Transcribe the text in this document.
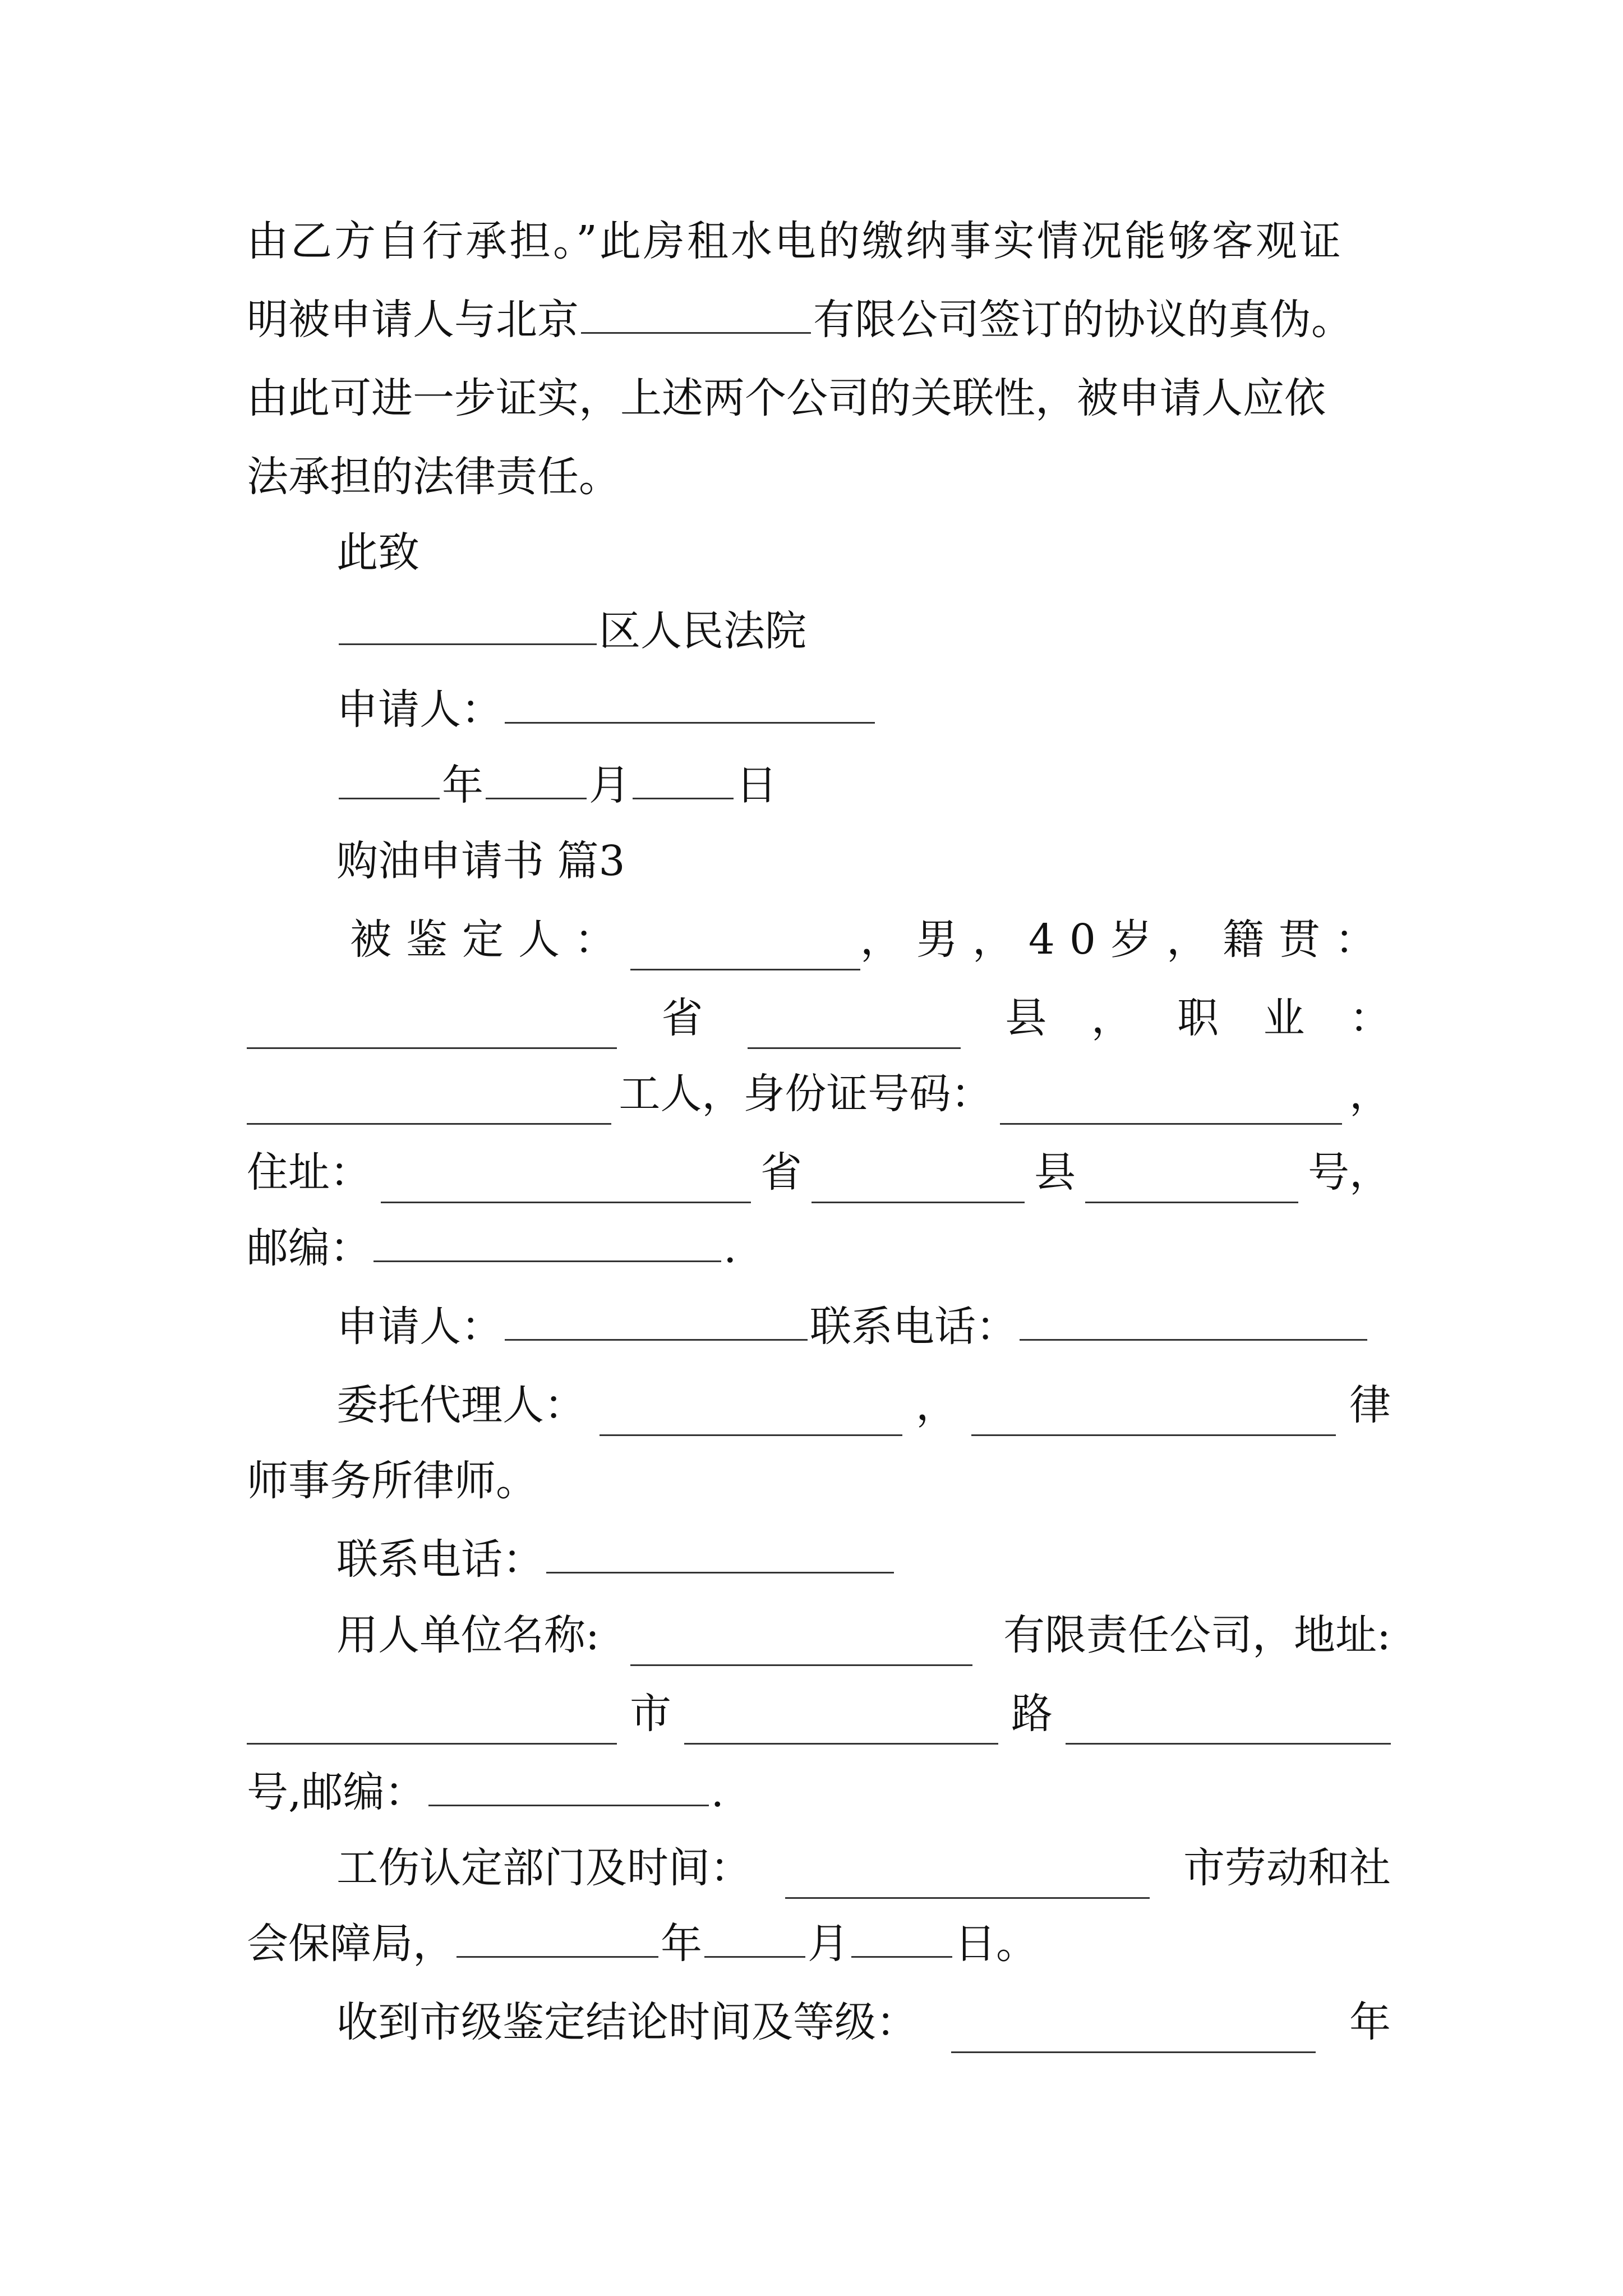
由乙方自行承担。”此房租水电的缴纳事实情况能够客观证
明被申请人与北京	有限公司签订的协议的真伪。
由此可进一步证实，上述两个公司的关联性，被申请人应依
法承担的法律责任。
此致
区人民法院
申请人：
年	月	日
购油申请书 篇3
被鉴定人：	，男，40岁，籍贯：
省	县 ， 职 业 ：
工人，身份证号码：	，
住址：	省	县	号，
邮编：	.
申请人：	联系电话：
委托代理人：	，	律
师事务所律师。
联系电话：
用人单位名称:	有限责任公司，地址:
市	路
号,邮编：	.
工伤认定部门及时间：	市劳动和社
会保障局，	年	月	日。
收到市级鉴定结论时间及等级：	年
